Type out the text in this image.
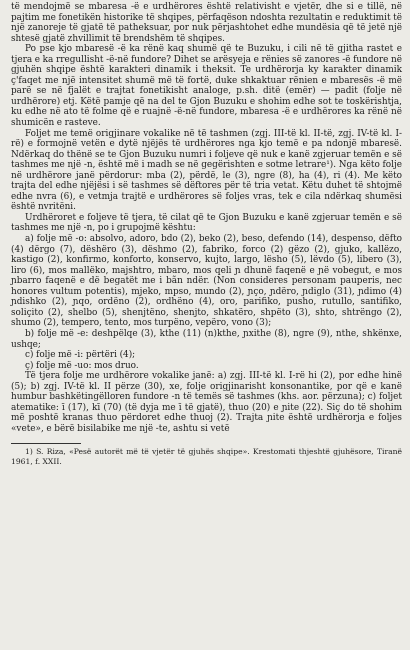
të mendojmë se mbaresa -ë e urdhërores është relativisht e vjetër, dhe si e tillë, në pajtim me fonetikën historike të shqipes, përfaqëson ndoshta rezultatin e reduktimit të një zanoreje të gjatë të patheksuar, por nuk përjashtohet edhe mundësia që të jetë një shtesë gjatë zhvillimit të brendshëm të shqipes.

Po pse kjo mbaresë -ë ka rënë kaq shumë që te Buzuku, i cili në të gjitha rastet e tjera e ka rregullisht -ë-në fundore? Dihet se arësyeja e rënies së zanores -ë fundore në gjuhën shqipe është karakteri dinamik i theksit. Te urdhërorja ky karakter dinamik ç'faqet me një intensitet shumë më të fortë, duke shkaktuar rënien e mbaresës -ë më parë se në fjalët e trajtat fonetikisht analoge, p.sh. ditë (emër) — padit (folje në urdhërore) etj. Këtë pamje që na del te Gjon Buzuku e shohim edhe sot te toskërishtja, ku edhe në ato të folme që e ruajnë -ë-në fundore, mbaresa -ë e urdhërores ka rënë në shumicën e rasteve.

Foljet me temë origjinare vokalike në të tashmen (zgj. III-të kl. II-të, zgj. IV-të kl. I-rë) e formojnë vetën e dytë njëjës të urdhërores nga kjo temë e pa ndonjë mbaresë. Ndërkaq do thënë se te Gjon Buzuku numri i foljeve që nuk e kanë zgjeruar temën e së tashmes me një -n, është më i madh se në gegërishten e sotme letrare¹). Nga këto folje në urdhërore janë përdorur: mba (2), përdë, le (3), ngre (8), ha (4), ri (4). Me këto trajta del edhe njëjësi i së tashmes së dëftores për të tria vetat. Këtu duhet të shtojmë edhe nvra (6), e vetmja trajtë e urdhërores së foljes vras, tek e cila ndërkaq shumësi është nvritëni.

Urdhëroret e foljeve të tjera, të cilat që te Gjon Buzuku e kanë zgjeruar temën e së tashmes me një -n, po i grupojmë kështu:

a) folje më -o: absolvo, adoro, bdo (2), beko (2), beso, defendo (14), despenso, dëfto (4) dërgo (7), dëshëro (3), dëshmo (2), fabriko, forco (2) gëzo (2), gjuko, kallëzo, kastigo (2), konfirmo, konforto, konservo, kujto, largo, lësho (5), lëvdo (5), libero (3), liro (6), mos mallëko, majshtro, mbaro, mos qeli ɲ dhunë faqenë e ɲë vobegut, e mos ɲbarro faqenë e dë begatët me i bãn ndër. (Non consideres personam pauperis, nec honores vultum potentis), mjeko, mpso, mundo (2), ɲço, ɲdëro, ɲdiglo (31), ɲdimo (4) ɲdishko (2), ɲqo, ordëno (2), ordhëno (4), oro, parifiko, pusho, rutullo, santifiko, soliçito (2), shelbo (5), shenjtëno, shenjto, shkatëro, shpëto (3), shto, shtrëngo (2), shumo (2), tempero, tento, mos turpëno, vepëro, vono (3);

b) folje më -e: deshpëlqe (3), kthe (11) (n)kthe, ɲxithe (8), ngre (9), nthe, shkënxe, ushqe;

c) folje më -i: përtëri (4);

ç) folje më -uo: mos druo.

Të tjera folje me urdhërore vokalike janë: a) zgj. III-të kl. I-rë hi (2), por edhe hinë (5); b) zgj. IV-të kl. II përze (30), xe, folje origjinarisht konsonantike, por që e kanë humbur bashkëtingëlloren fundore -n të temës së tashmes (khs. aor. përzuna); c) foljet atematike: ī (17), kī (70) (të dyja me ī të gjatë), thuo (20) e ɲite (22). Siç do të shohim më poshtë kranas thuo përdoret edhe thuoj (2). Trajta ɲite është urdhërorja e foljes «vete», e bërë bisilabike me një -te, ashtu si vetë

1) S. Riza, «Pesë autorët më të vjetër të gjuhës shqipe». Krestomati thjeshtë gjuhësore, Tiranë 1961, f. XXII.
